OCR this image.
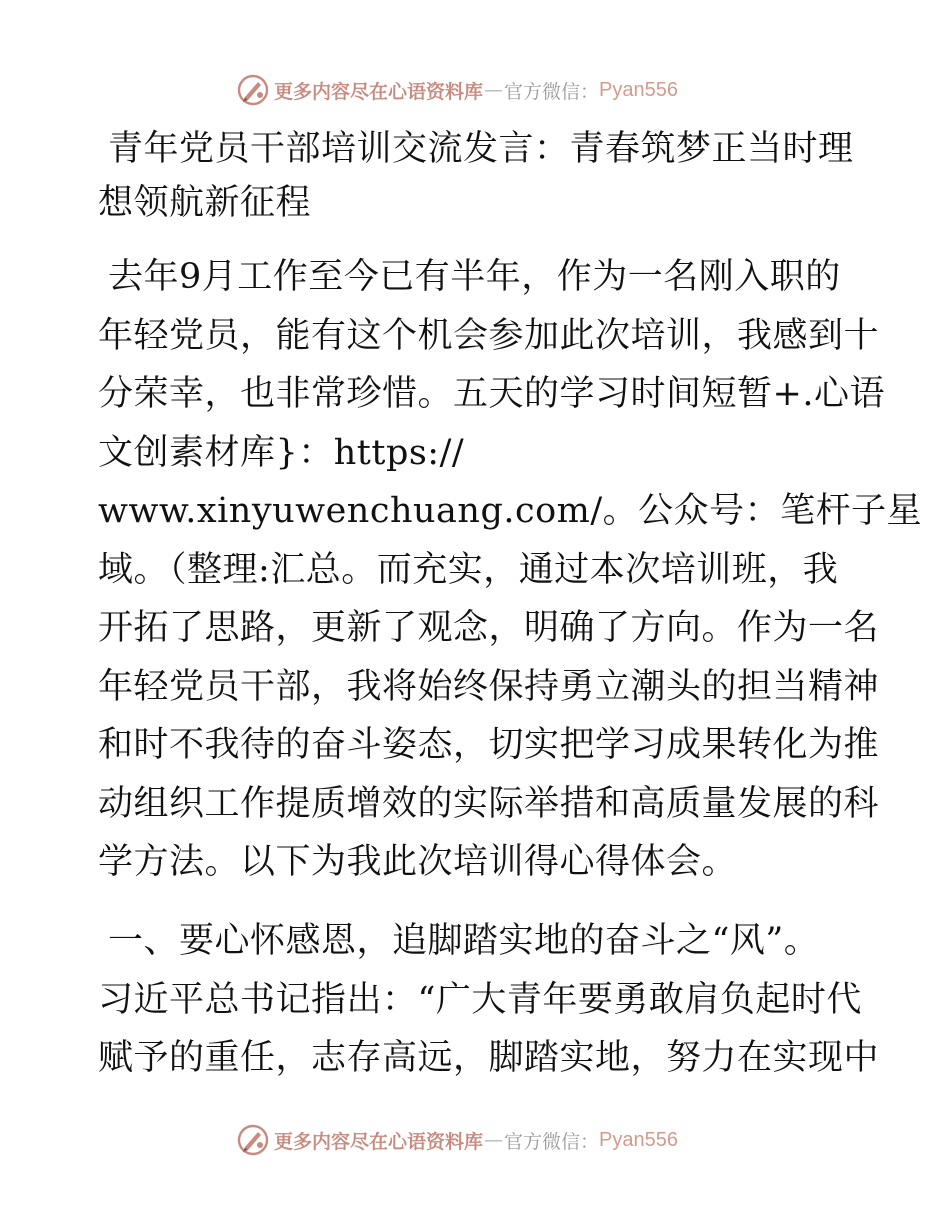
更多内容尽在心语资料库 — 官方微信： Pyan556
青年党员干部培训交流发言：青春筑梦正当时理
想领航新征程
去年9月工作至今已有半年，作为一名刚入职的
年轻党员，能有这个机会参加此次培训，我感到十
分荣幸，也非常珍惜。五天的学习时间短暂+.心语
文创素材库}：https://
www.xinyuwenchuang.com/。公众号：笔杆子星
域。（整理:汇总。而充实，通过本次培训班，我
开拓了思路，更新了观念，明确了方向。作为一名
年轻党员干部，我将始终保持勇立潮头的担当精神
和时不我待的奋斗姿态，切实把学习成果转化为推
动组织工作提质增效的实际举措和高质量发展的科
学方法。以下为我此次培训得心得体会。
一、要心怀感恩，追脚踏实地的奋斗之“风”。
习近平总书记指出：“广大青年要勇敢肩负起时代
赋予的重任，志存高远，脚踏实地，努力在实现中
更多内容尽在心语资料库 — 官方微信： Pyan556
